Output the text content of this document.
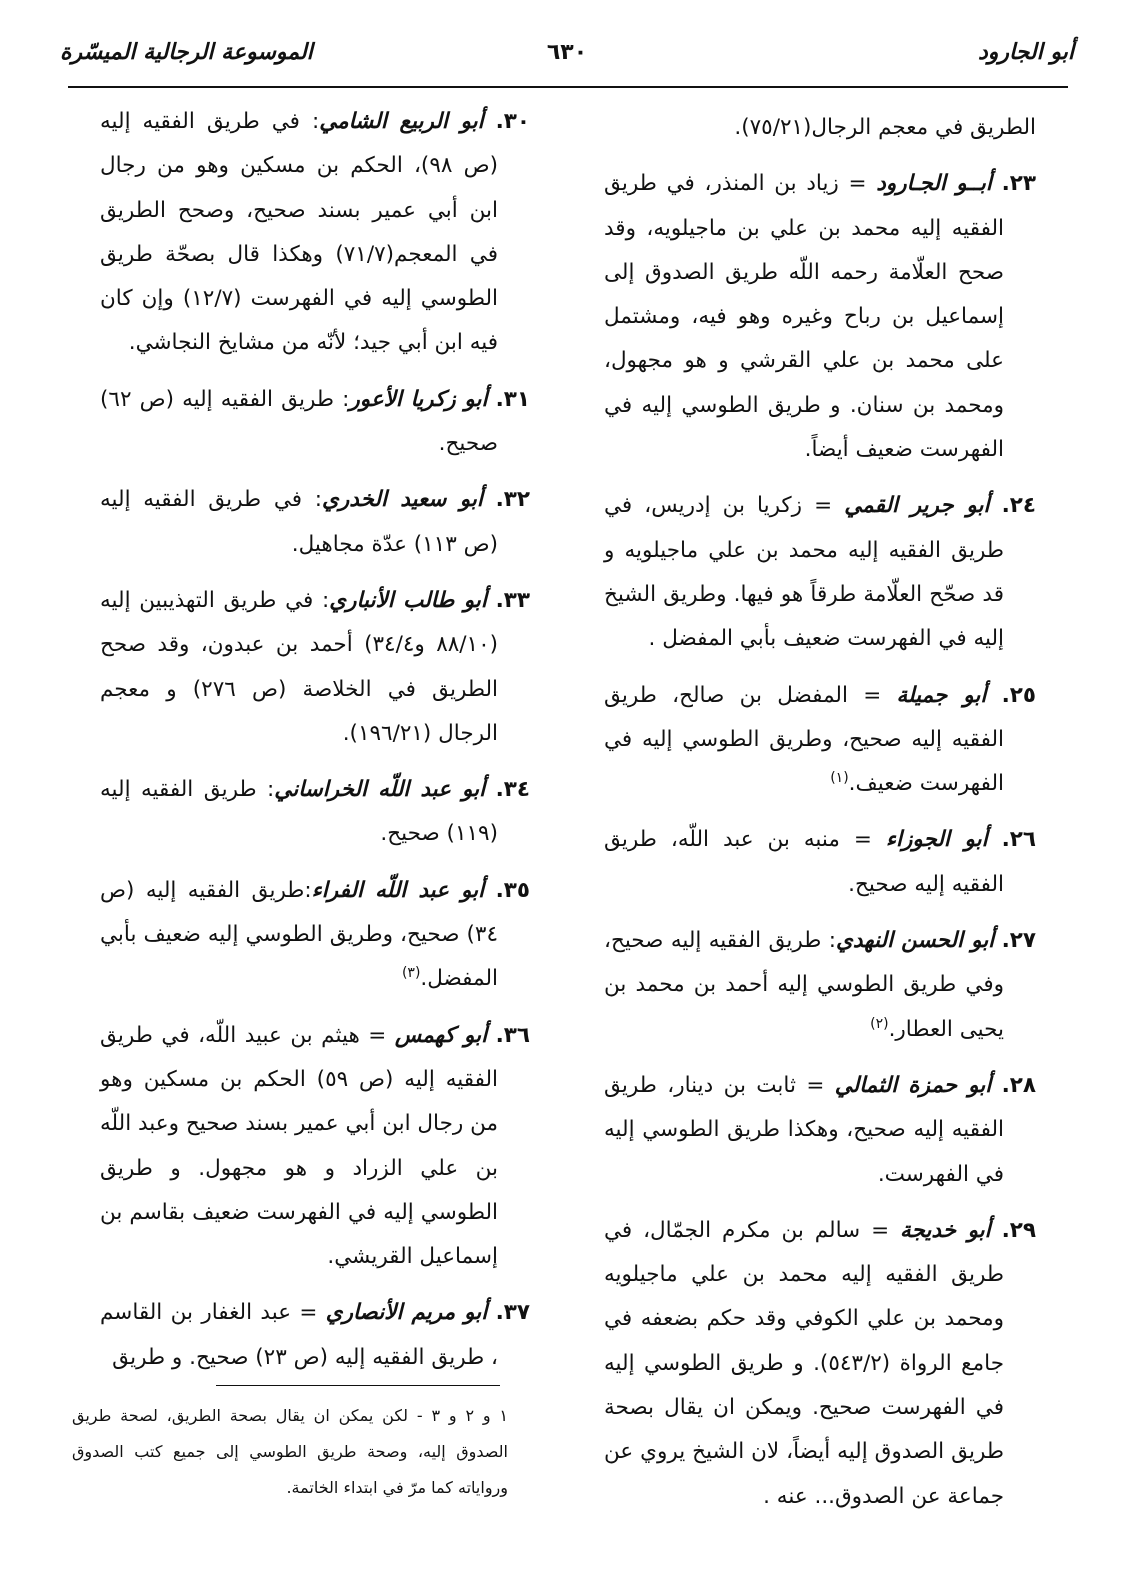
أبو الجارود
٦٣٠
الموسوعة الرجالية الميسّرة

الطريق في معجم الرجال(٧٥/٢١).

٢٣. أبــو الجـارود = زياد بن المنذر، في طريق الفقيه إليه محمد بن علي بن ماجيلويه، وقد صحح العلّامة رحمه اللّه طريق الصدوق إلى إسماعيل بن رباح وغيره وهو فيه، ومشتمل على محمد بن علي القرشي و هو مجهول، ومحمد بن سنان. و طريق الطوسي إليه في الفهرست ضعيف أيضاً.

٢٤. أبو جرير القمي = زكريا بن إدريس، في طريق الفقيه إليه محمد بن علي ماجيلويه و قد صحّح العلّامة طرقاً هو فيها. وطريق الشيخ إليه في الفهرست ضعيف بأبي المفضل .

٢٥. أبو جميلة = المفضل بن صالح، طريق الفقيه إليه صحيح، وطريق الطوسي إليه في الفهرست ضعيف.$^{(١)}$

٢٦. أبو الجوزاء = منبه بن عبد اللّه، طريق الفقيه إليه صحيح.

٢٧. أبو الحسن النهدي: طريق الفقيه إليه صحيح، وفي طريق الطوسي إليه أحمد بن محمد بن يحيى العطار.$^{(٢)}$

٢٨. أبو حمزة الثمالي = ثابت بن دينار، طريق الفقيه إليه صحيح، وهكذا طريق الطوسي إليه في الفهرست.

٢٩. أبو خديجة = سالم بن مكرم الجمّال، في طريق الفقيه إليه محمد بن علي ماجيلويه ومحمد بن علي الكوفي وقد حكم بضعفه في جامع الرواة (٥٤٣/٢). و طريق الطوسي إليه في الفهرست صحيح. ويمكن ان يقال بصحة طريق الصدوق إليه أيضاً، لان الشيخ يروي عن جماعة عن الصدوق... عنه .

٣٠. أبو الربيع الشامي: في طريق الفقيه إليه (ص ٩٨)، الحكم بن مسكين وهو من رجال ابن أبي عمير بسند صحيح، وصحح الطريق في المعجم(٧١/٧) وهكذا قال بصحّة طريق الطوسي إليه في الفهرست (١٢/٧) وإن كان فيه ابن أبي جيد؛ لأنّه من مشايخ النجاشي.

٣١. أبو زكريا الأعور: طريق الفقيه إليه (ص ٦٢) صحيح.

٣٢. أبو سعيد الخدري: في طريق الفقيه إليه (ص ١١٣) عدّة مجاهيل.

٣٣. أبو طالب الأنباري: في طريق التهذيبين إليه (٨٨/١٠ و٣٤/٤) أحمد بن عبدون، وقد صحح الطريق في الخلاصة (ص ٢٧٦) و معجم الرجال (١٩٦/٢١).

٣٤. أبو عبد اللّه الخراساني: طريق الفقيه إليه (١١٩) صحيح.

٣٥. أبو عبد اللّه الفراء:طريق الفقيه إليه (ص ٣٤) صحيح، وطريق الطوسي إليه ضعيف بأبي المفضل.$^{(٣)}$

٣٦. أبو كهمس = هيثم بن عبيد اللّه، في طريق الفقيه إليه (ص ٥٩) الحكم بن مسكين وهو من رجال ابن أبي عمير بسند صحيح وعبد اللّه بن علي الزراد و هو مجهول. و طريق الطوسي إليه في الفهرست ضعيف بقاسم بن إسماعيل القريشي.

٣٧. أبو مريم الأنصاري = عبد الغفار بن القاسم ، طريق الفقيه إليه (ص ٢٣) صحيح. و طريق

١ و ٢ و ٣ - لكن يمكن ان يقال بصحة الطريق، لصحة طريق الصدوق إليه، وصحة طريق الطوسي إلى جميع كتب الصدوق ورواياته كما مرّ في ابتداء الخاتمة.
